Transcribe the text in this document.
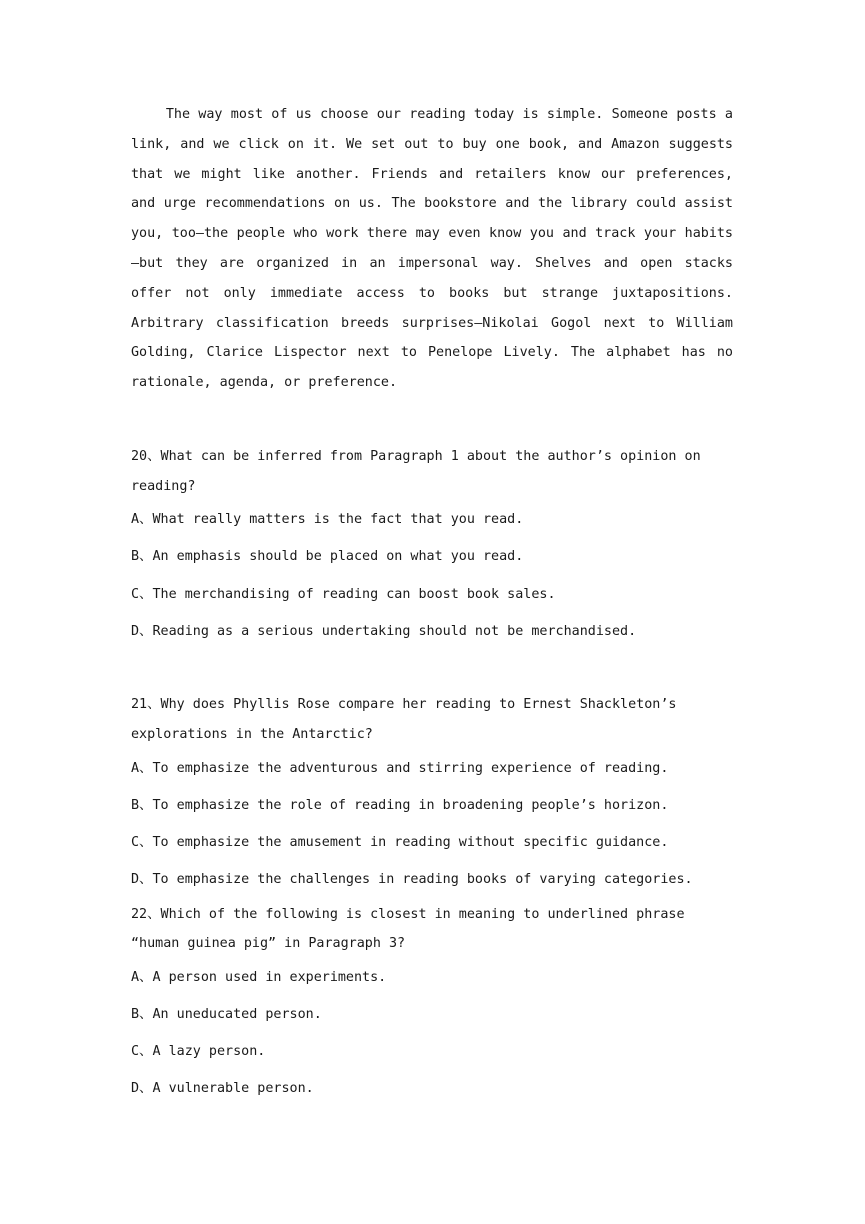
The way most of us choose our reading today is simple. Someone posts a link, and we click on it. We set out to buy one book, and Amazon suggests that we might like another. Friends and retailers know our preferences, and urge recommendations on us. The bookstore and the library could assist you, too—the people who work there may even know you and track your habits—but they are organized in an impersonal way. Shelves and open stacks offer not only immediate access to books but strange juxtapositions. Arbitrary classification breeds surprises—Nikolai Gogol next to William Golding, Clarice Lispector next to Penelope Lively. The alphabet has no rationale, agenda, or preference.

20、What can be inferred from Paragraph 1 about the author’s opinion on reading?

A、What really matters is the fact that you read.

B、An emphasis should be placed on what you read.

C、The merchandising of reading can boost book sales.

D、Reading as a serious undertaking should not be merchandised.

21、Why does Phyllis Rose compare her reading to Ernest Shackleton’s explorations in the Antarctic?

A、To emphasize the adventurous and stirring experience of reading.

B、To emphasize the role of reading in broadening people’s horizon.

C、To emphasize the amusement in reading without specific guidance.

D、To emphasize the challenges in reading books of varying categories.

22、Which of the following is closest in meaning to underlined phrase “human guinea pig” in Paragraph 3?

A、A person used in experiments.

B、An uneducated person.

C、A lazy person.

D、A vulnerable person.
